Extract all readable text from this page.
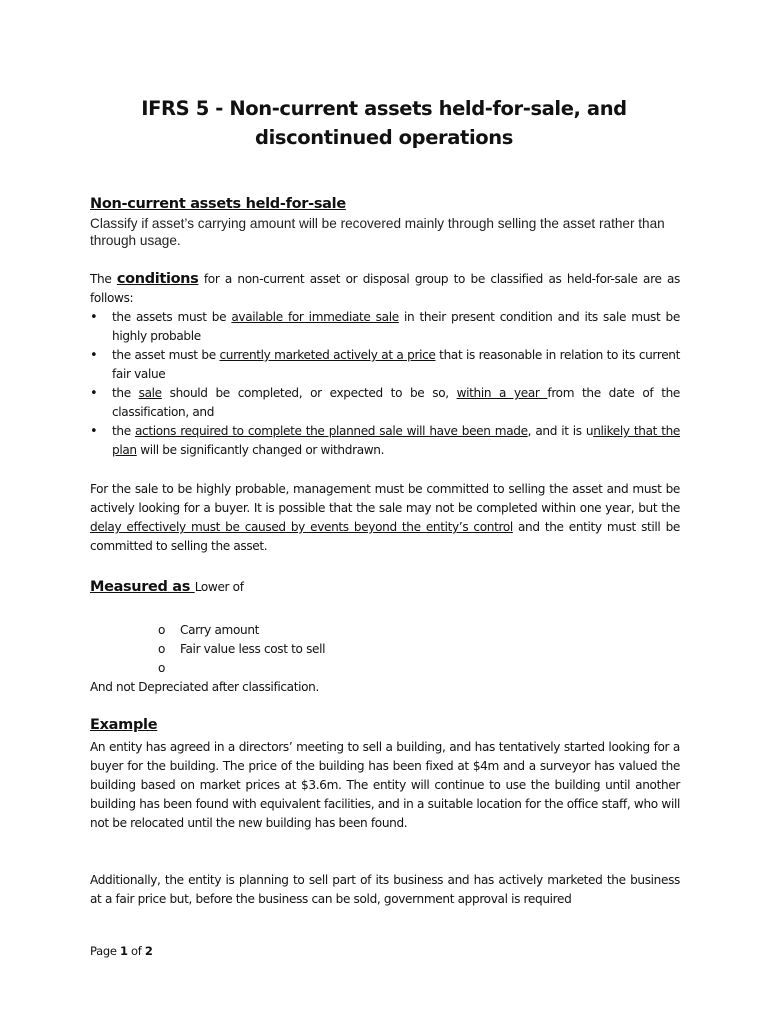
IFRS 5 - Non-current assets held-for-sale, and
discontinued operations
Non-current assets held-for-sale
Classify if asset’s carrying amount will be recovered mainly through selling the asset rather than through usage.
The conditions for a non-current asset or disposal group to be classified as held-for-sale are as follows:
• the assets must be available for immediate sale in their present condition and its sale must be highly probable
• the asset must be currently marketed actively at a price that is reasonable in relation to its current fair value
• the sale should be completed, or expected to be so, within a year from the date of the classification, and
• the actions required to complete the planned sale will have been made, and it is unlikely that the plan will be significantly changed or withdrawn.
For the sale to be highly probable, management must be committed to selling the asset and must be actively looking for a buyer. It is possible that the sale may not be completed within one year, but the delay effectively must be caused by events beyond the entity’s control and the entity must still be committed to selling the asset.
Measured as Lower of
o Carry amount
o Fair value less cost to sell
o
And not Depreciated after classification.
Example
An entity has agreed in a directors’ meeting to sell a building, and has tentatively started looking for a buyer for the building. The price of the building has been fixed at $4m and a surveyor has valued the building based on market prices at $3.6m. The entity will continue to use the building until another building has been found with equivalent facilities, and in a suitable location for the office staff, who will not be relocated until the new building has been found.
Additionally, the entity is planning to sell part of its business and has actively marketed the business at a fair price but, before the business can be sold, government approval is required
Page 1 of 2
